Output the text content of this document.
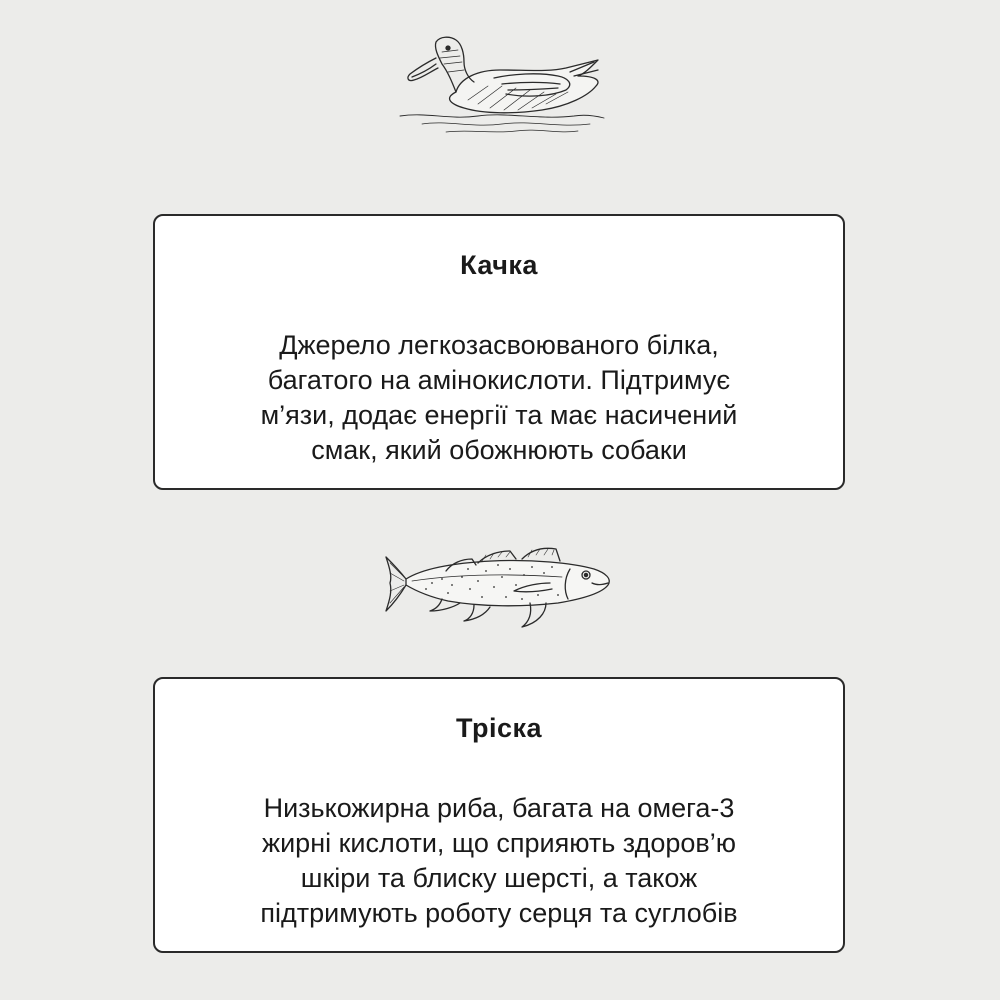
Качка

Джерело легкозасвоюваного білка,
багатого на амінокислоти. Підтримує
м’язи, додає енергії та має насичений
смак, який обожнюють собаки

Тріска

Низькожирна риба, багата на омега-3
жирні кислоти, що сприяють здоров’ю
шкіри та блиску шерсті, а також
підтримують роботу серця та суглобів
